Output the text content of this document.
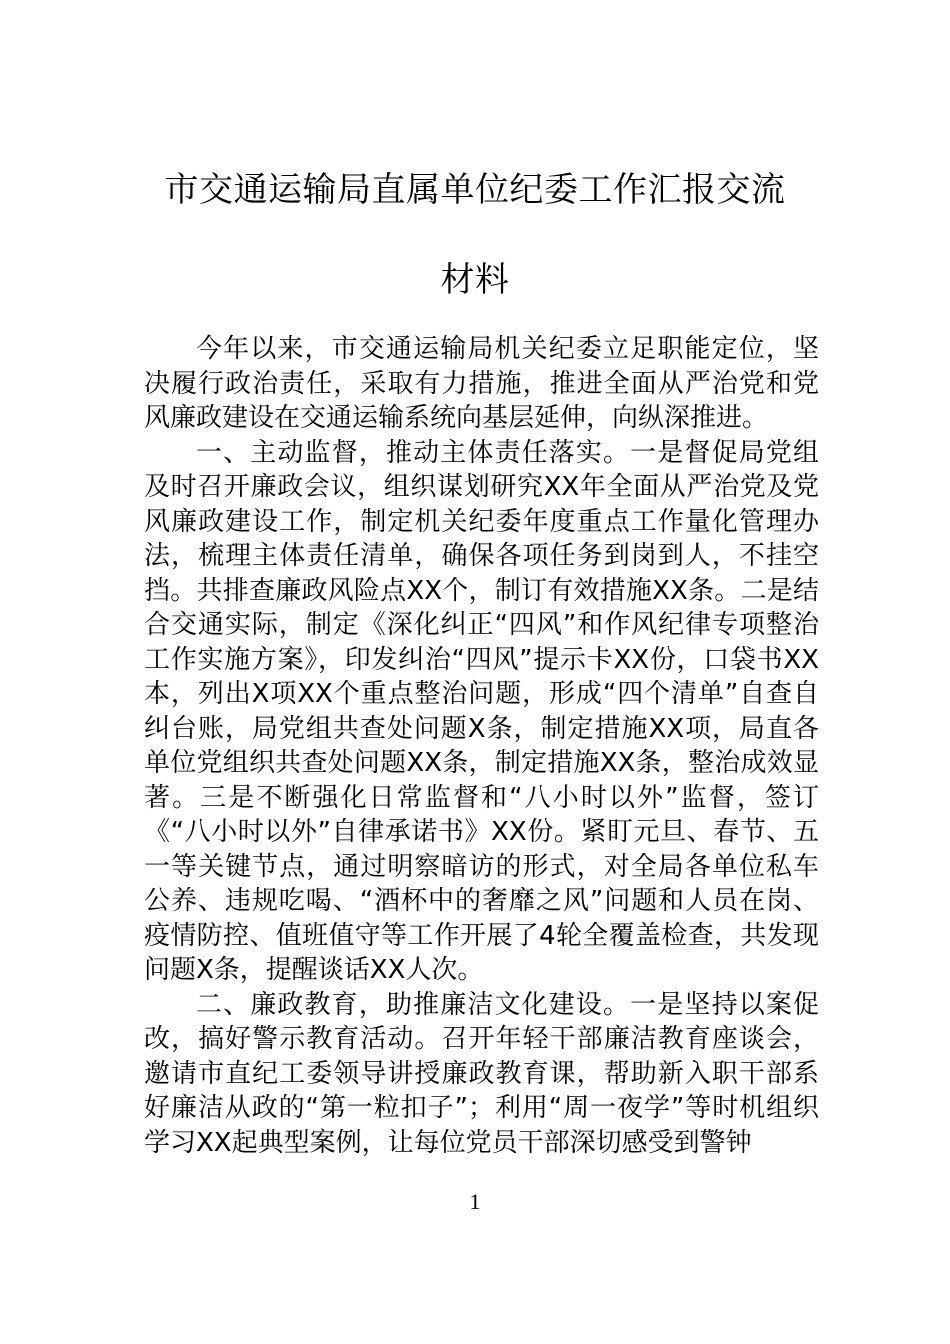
市交通运输局直属单位纪委工作汇报交流
材料

今年以来，市交通运输局机关纪委立足职能定位，坚决履行政治责任，采取有力措施，推进全面从严治党和党风廉政建设在交通运输系统向基层延伸，向纵深推进。

一、主动监督，推动主体责任落实。一是督促局党组及时召开廉政会议，组织谋划研究XX年全面从严治党及党风廉政建设工作，制定机关纪委年度重点工作量化管理办法，梳理主体责任清单，确保各项任务到岗到人，不挂空挡。共排查廉政风险点XX个，制订有效措施XX条。二是结合交通实际，制定《深化纠正“四风”和作风纪律专项整治工作实施方案》，印发纠治“四风”提示卡XX份，口袋书XX本，列出X项XX个重点整治问题，形成“四个清单”自查自纠台账，局党组共查处问题X条，制定措施XX项，局直各单位党组织共查处问题XX条，制定措施XX条，整治成效显著。三是不断强化日常监督和“八小时以外”监督，签订《“八小时以外”自律承诺书》XX份。紧盯元旦、春节、五一等关键节点，通过明察暗访的形式，对全局各单位私车公养、违规吃喝、“酒杯中的奢靡之风”问题和人员在岗、疫情防控、值班值守等工作开展了4轮全覆盖检查，共发现问题X条，提醒谈话XX人次。

二、廉政教育，助推廉洁文化建设。一是坚持以案促改，搞好警示教育活动。召开年轻干部廉洁教育座谈会，邀请市直纪工委领导讲授廉政教育课，帮助新入职干部系好廉洁从政的“第一粒扣子”；利用“周一夜学”等时机组织学习XX起典型案例，让每位党员干部深切感受到警钟

1
